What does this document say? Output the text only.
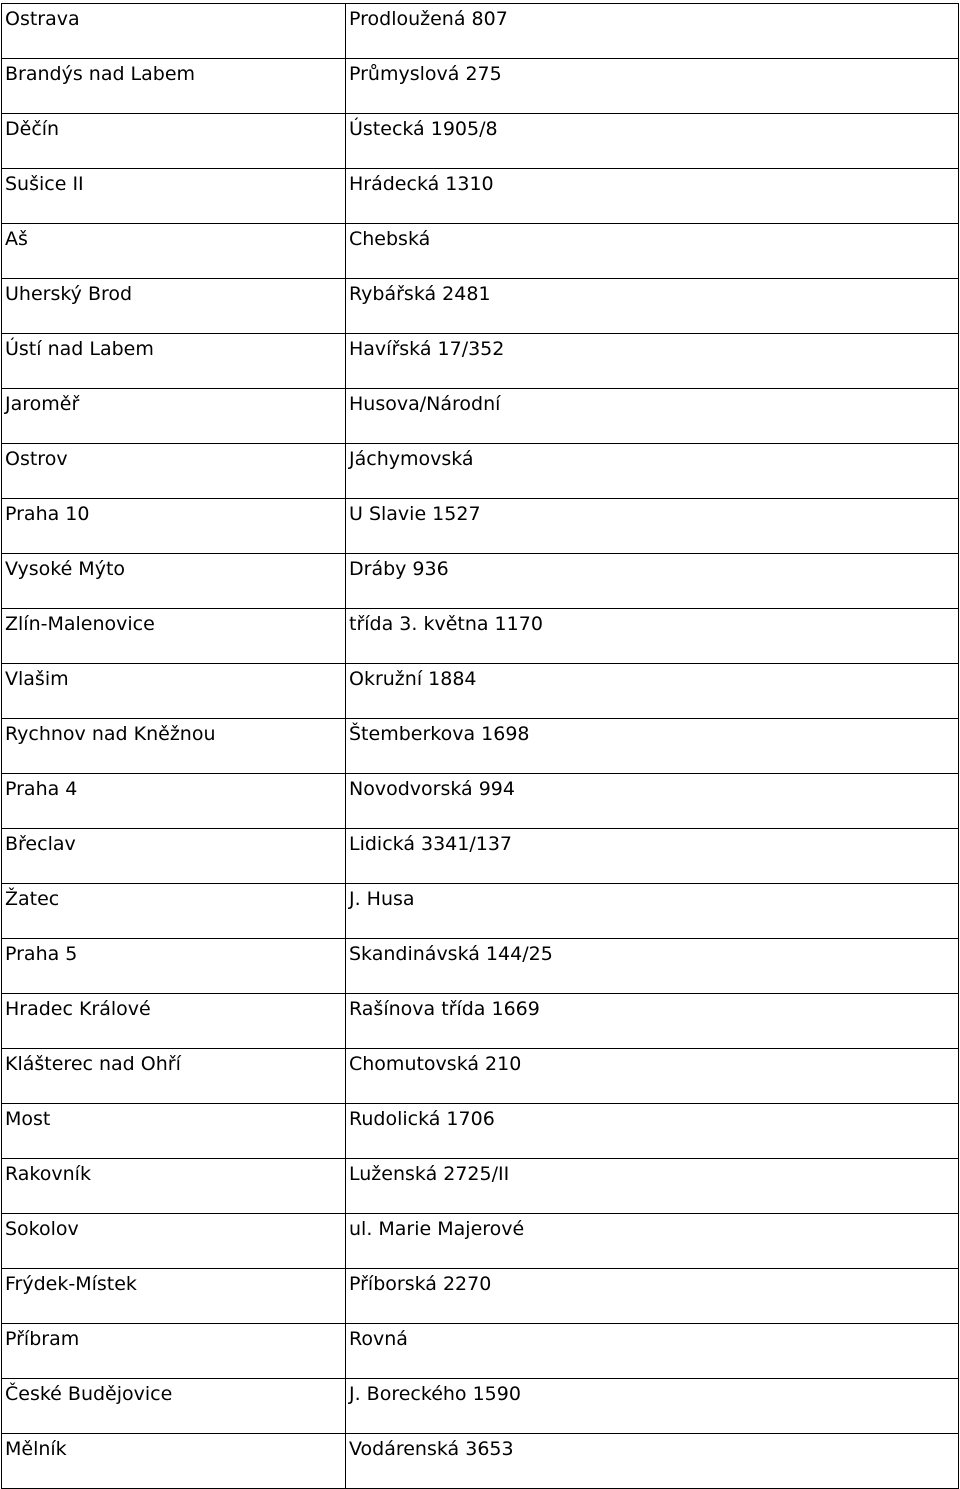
Ostrava	Prodloužená 807
Brandýs nad Labem	Průmyslová 275
Děčín	Ústecká 1905/8
Sušice II	Hrádecká 1310
Aš	Chebská
Uherský Brod	Rybářská 2481
Ústí nad Labem	Havířská 17/352
Jaroměř	Husova/Národní
Ostrov	Jáchymovská
Praha 10	U Slavie 1527
Vysoké Mýto	Dráby 936
Zlín-Malenovice	třída 3. května 1170
Vlašim	Okružní 1884
Rychnov nad Kněžnou	Štemberkova 1698
Praha 4	Novodvorská 994
Břeclav	Lidická 3341/137
Žatec	J. Husa
Praha 5	Skandinávská 144/25
Hradec Králové	Rašínova třída 1669
Klášterec nad Ohří	Chomutovská 210
Most	Rudolická 1706
Rakovník	Luženská 2725/II
Sokolov	ul. Marie Majerové
Frýdek-Místek	Příborská 2270
Příbram	Rovná
České Budějovice	J. Boreckého 1590
Mělník	Vodárenská 3653
